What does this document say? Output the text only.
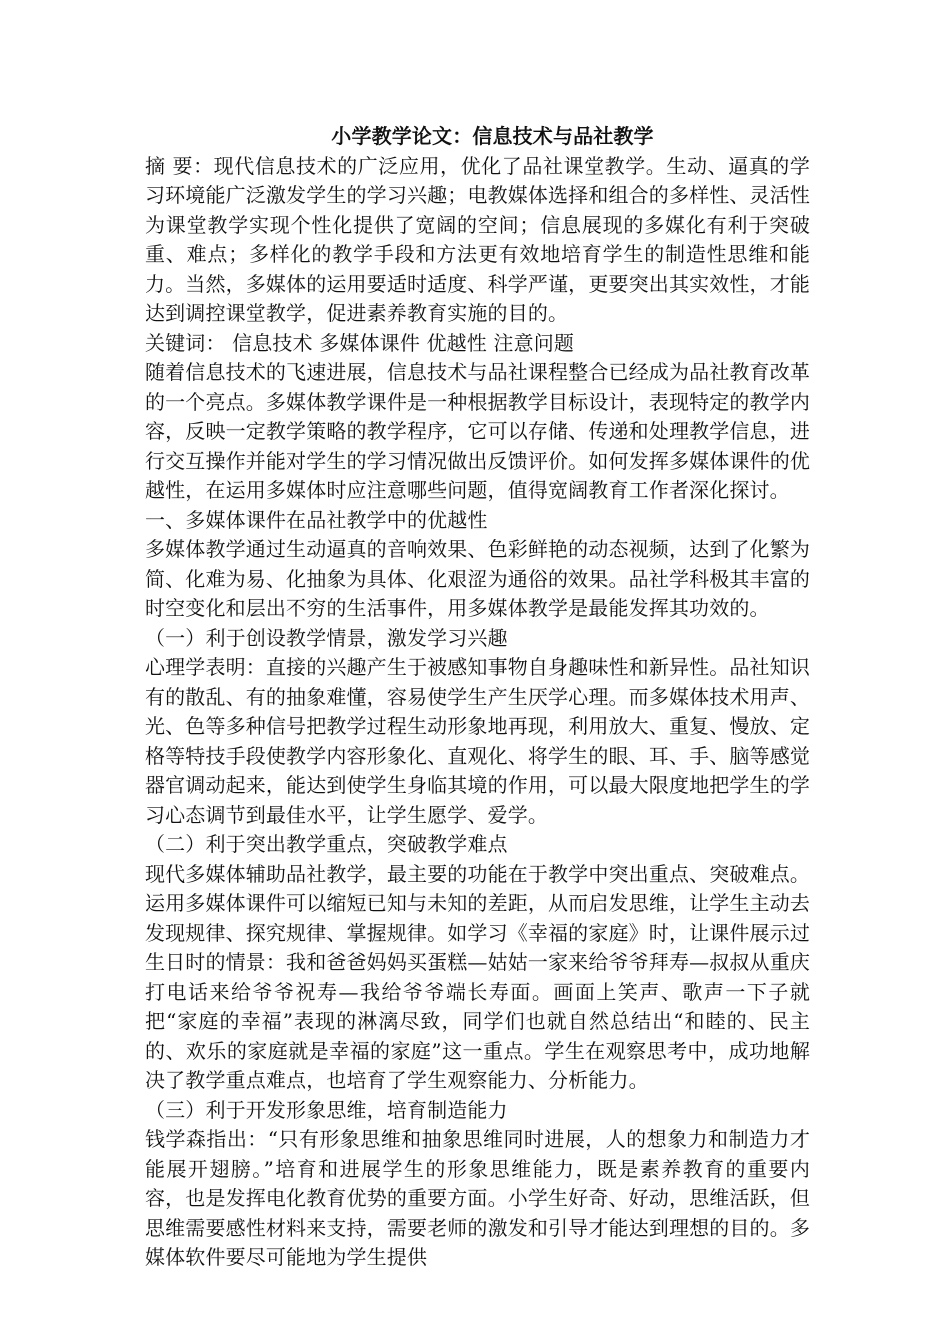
小学教学论文：信息技术与品社教学

摘 要：现代信息技术的广泛应用，优化了品社课堂教学。生动、逼真的学习环境能广泛激发学生的学习兴趣；电教媒体选择和组合的多样性、灵活性为课堂教学实现个性化提供了宽阔的空间；信息展现的多媒化有利于突破重、难点；多样化的教学手段和方法更有效地培育学生的制造性思维和能力。当然，多媒体的运用要适时适度、科学严谨，更要突出其实效性，才能达到调控课堂教学，促进素养教育实施的目的。

关键词： 信息技术 多媒体课件 优越性 注意问题

随着信息技术的飞速进展，信息技术与品社课程整合已经成为品社教育改革的一个亮点。多媒体教学课件是一种根据教学目标设计，表现特定的教学内容，反映一定教学策略的教学程序，它可以存储、传递和处理教学信息，进行交互操作并能对学生的学习情况做出反馈评价。如何发挥多媒体课件的优越性，在运用多媒体时应注意哪些问题，值得宽阔教育工作者深化探讨。

一、多媒体课件在品社教学中的优越性

多媒体教学通过生动逼真的音响效果、色彩鲜艳的动态视频，达到了化繁为简、化难为易、化抽象为具体、化艰涩为通俗的效果。品社学科极其丰富的时空变化和层出不穷的生活事件，用多媒体教学是最能发挥其功效的。

（一）利于创设教学情景，激发学习兴趣

心理学表明：直接的兴趣产生于被感知事物自身趣味性和新异性。品社知识有的散乱、有的抽象难懂，容易使学生产生厌学心理。而多媒体技术用声、光、色等多种信号把教学过程生动形象地再现，利用放大、重复、慢放、定格等特技手段使教学内容形象化、直观化、将学生的眼、耳、手、脑等感觉器官调动起来，能达到使学生身临其境的作用，可以最大限度地把学生的学习心态调节到最佳水平，让学生愿学、爱学。

（二）利于突出教学重点，突破教学难点

现代多媒体辅助品社教学，最主要的功能在于教学中突出重点、突破难点。运用多媒体课件可以缩短已知与未知的差距，从而启发思维，让学生主动去发现规律、探究规律、掌握规律。如学习《幸福的家庭》时，让课件展示过生日时的情景：我和爸爸妈妈买蛋糕—姑姑一家来给爷爷拜寿—叔叔从重庆打电话来给爷爷祝寿—我给爷爷端长寿面。画面上笑声、歌声一下子就把“家庭的幸福”表现的淋漓尽致，同学们也就自然总结出“和睦的、民主的、欢乐的家庭就是幸福的家庭”这一重点。学生在观察思考中，成功地解决了教学重点难点，也培育了学生观察能力、分析能力。

（三）利于开发形象思维，培育制造能力

钱学森指出：“只有形象思维和抽象思维同时进展，人的想象力和制造力才能展开翅膀。”培育和进展学生的形象思维能力，既是素养教育的重要内容，也是发挥电化教育优势的重要方面。小学生好奇、好动，思维活跃，但思维需要感性材料来支持，需要老师的激发和引导才能达到理想的目的。多媒体软件要尽可能地为学生提供
